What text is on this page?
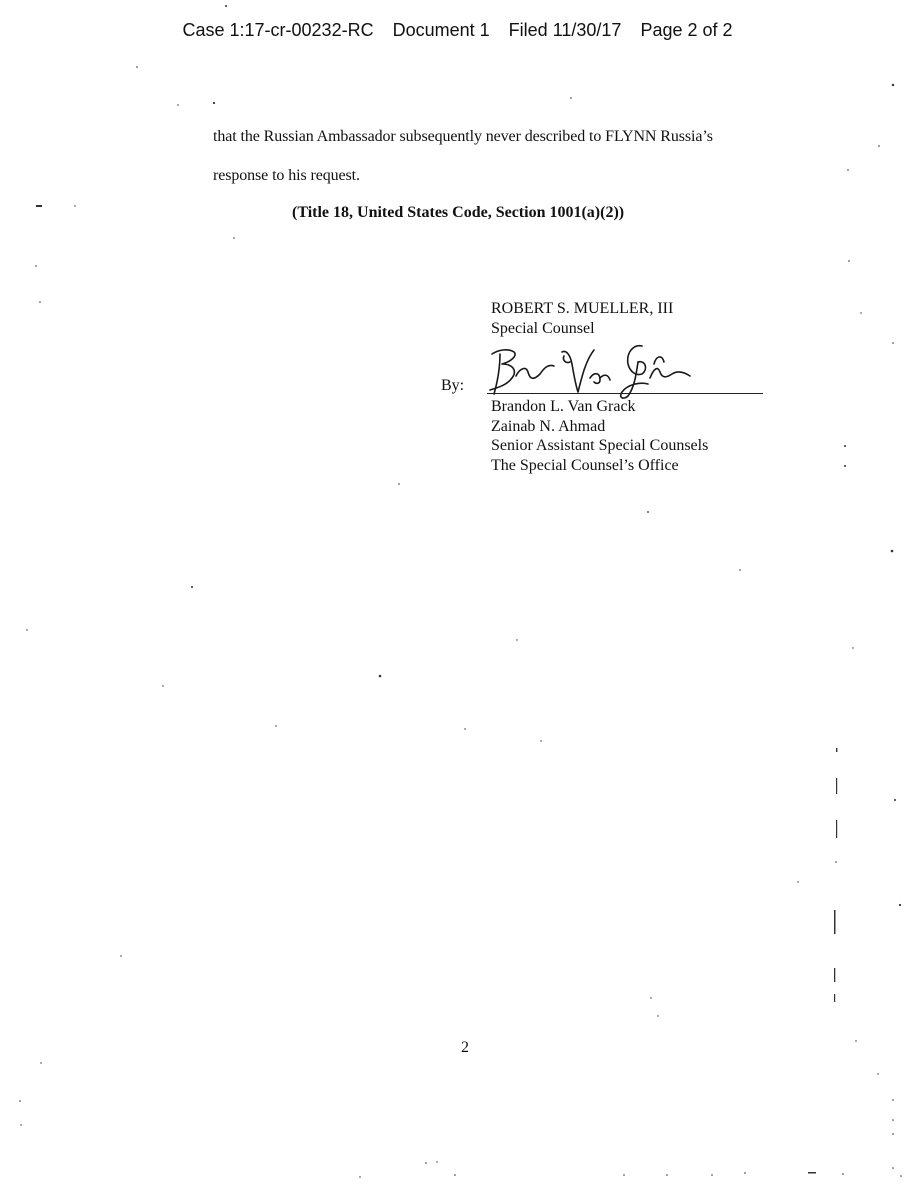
Case 1:17-cr-00232-RC Document 1 Filed 11/30/17 Page 2 of 2
that the Russian Ambassador subsequently never described to FLYNN Russia’s
response to his request.
(Title 18, United States Code, Section 1001(a)(2))
ROBERT S. MUELLER, III
Special Counsel
By:
Brandon L. Van Grack
Zainab N. Ahmad
Senior Assistant Special Counsels
The Special Counsel’s Office
2
